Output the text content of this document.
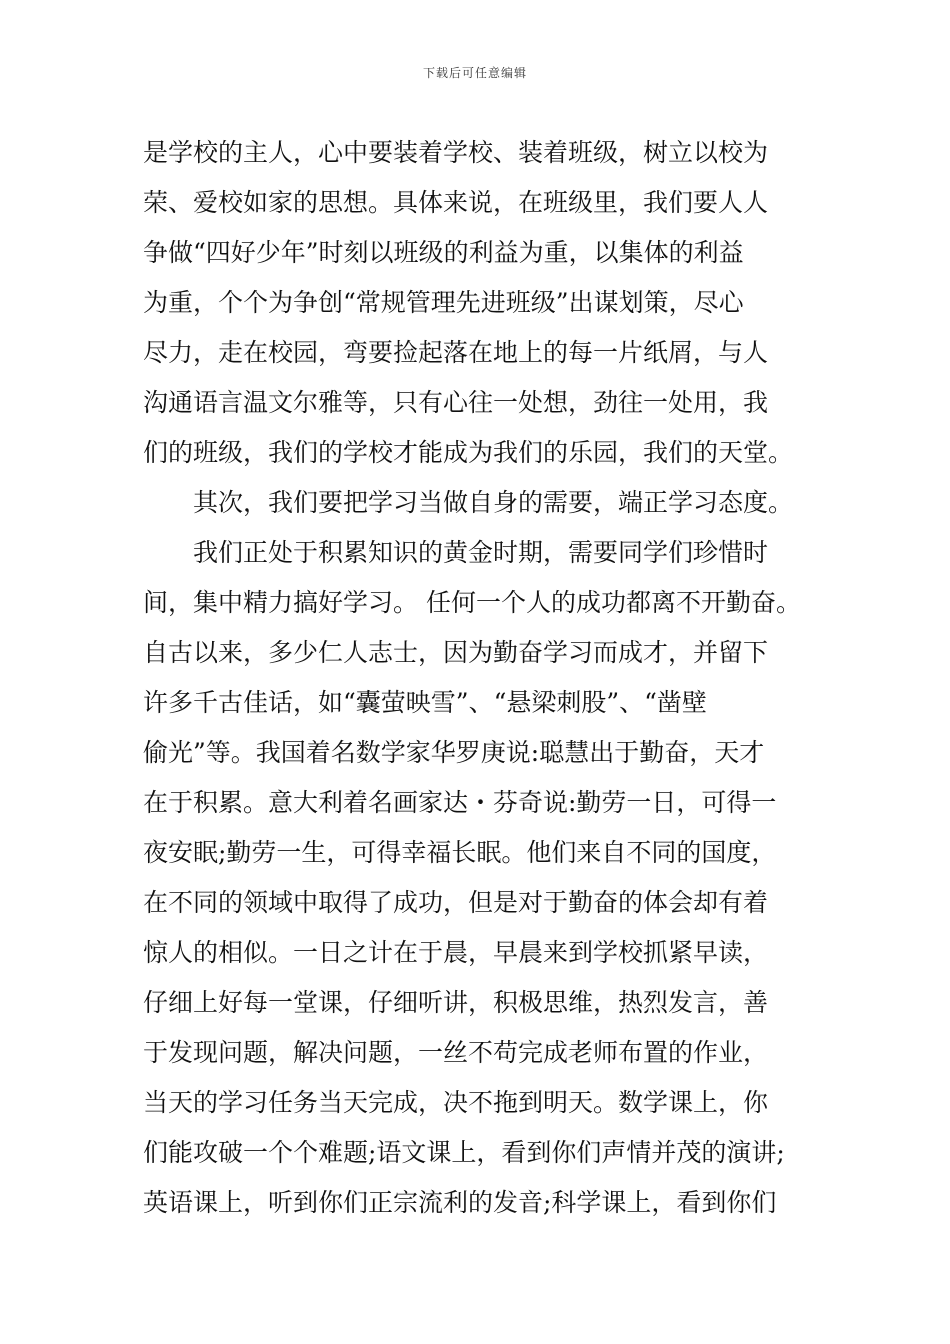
下载后可任意编辑
是学校的主人，心中要装着学校、装着班级，树立以校为
荣、爱校如家的思想。具体来说，在班级里，我们要人人
争做“四好少年”时刻以班级的利益为重，以集体的利益
为重，个个为争创“常规管理先进班级”出谋划策，尽心
尽力，走在校园，弯要捡起落在地上的每一片纸屑，与人
沟通语言温文尔雅等，只有心往一处想，劲往一处用，我
们的班级，我们的学校才能成为我们的乐园，我们的天堂。
　　其次，我们要把学习当做自身的需要，端正学习态度。
　　我们正处于积累知识的黄金时期，需要同学们珍惜时
间，集中精力搞好学习。 任何一个人的成功都离不开勤奋。
自古以来，多少仁人志士，因为勤奋学习而成才，并留下
许多千古佳话，如“囊萤映雪”、“悬梁刺股”、“凿壁
偷光”等。我国着名数学家华罗庚说:聪慧出于勤奋，天才
在于积累。意大利着名画家达・芬奇说:勤劳一日，可得一
夜安眠;勤劳一生，可得幸福长眠。他们来自不同的国度，
在不同的领域中取得了成功，但是对于勤奋的体会却有着
惊人的相似。一日之计在于晨，早晨来到学校抓紧早读，
仔细上好每一堂课，仔细听讲，积极思维，热烈发言，善
于发现问题，解决问题，一丝不苟完成老师布置的作业，
当天的学习任务当天完成，决不拖到明天。数学课上，你
们能攻破一个个难题;语文课上，看到你们声情并茂的演讲;
英语课上，听到你们正宗流利的发音;科学课上，看到你们
